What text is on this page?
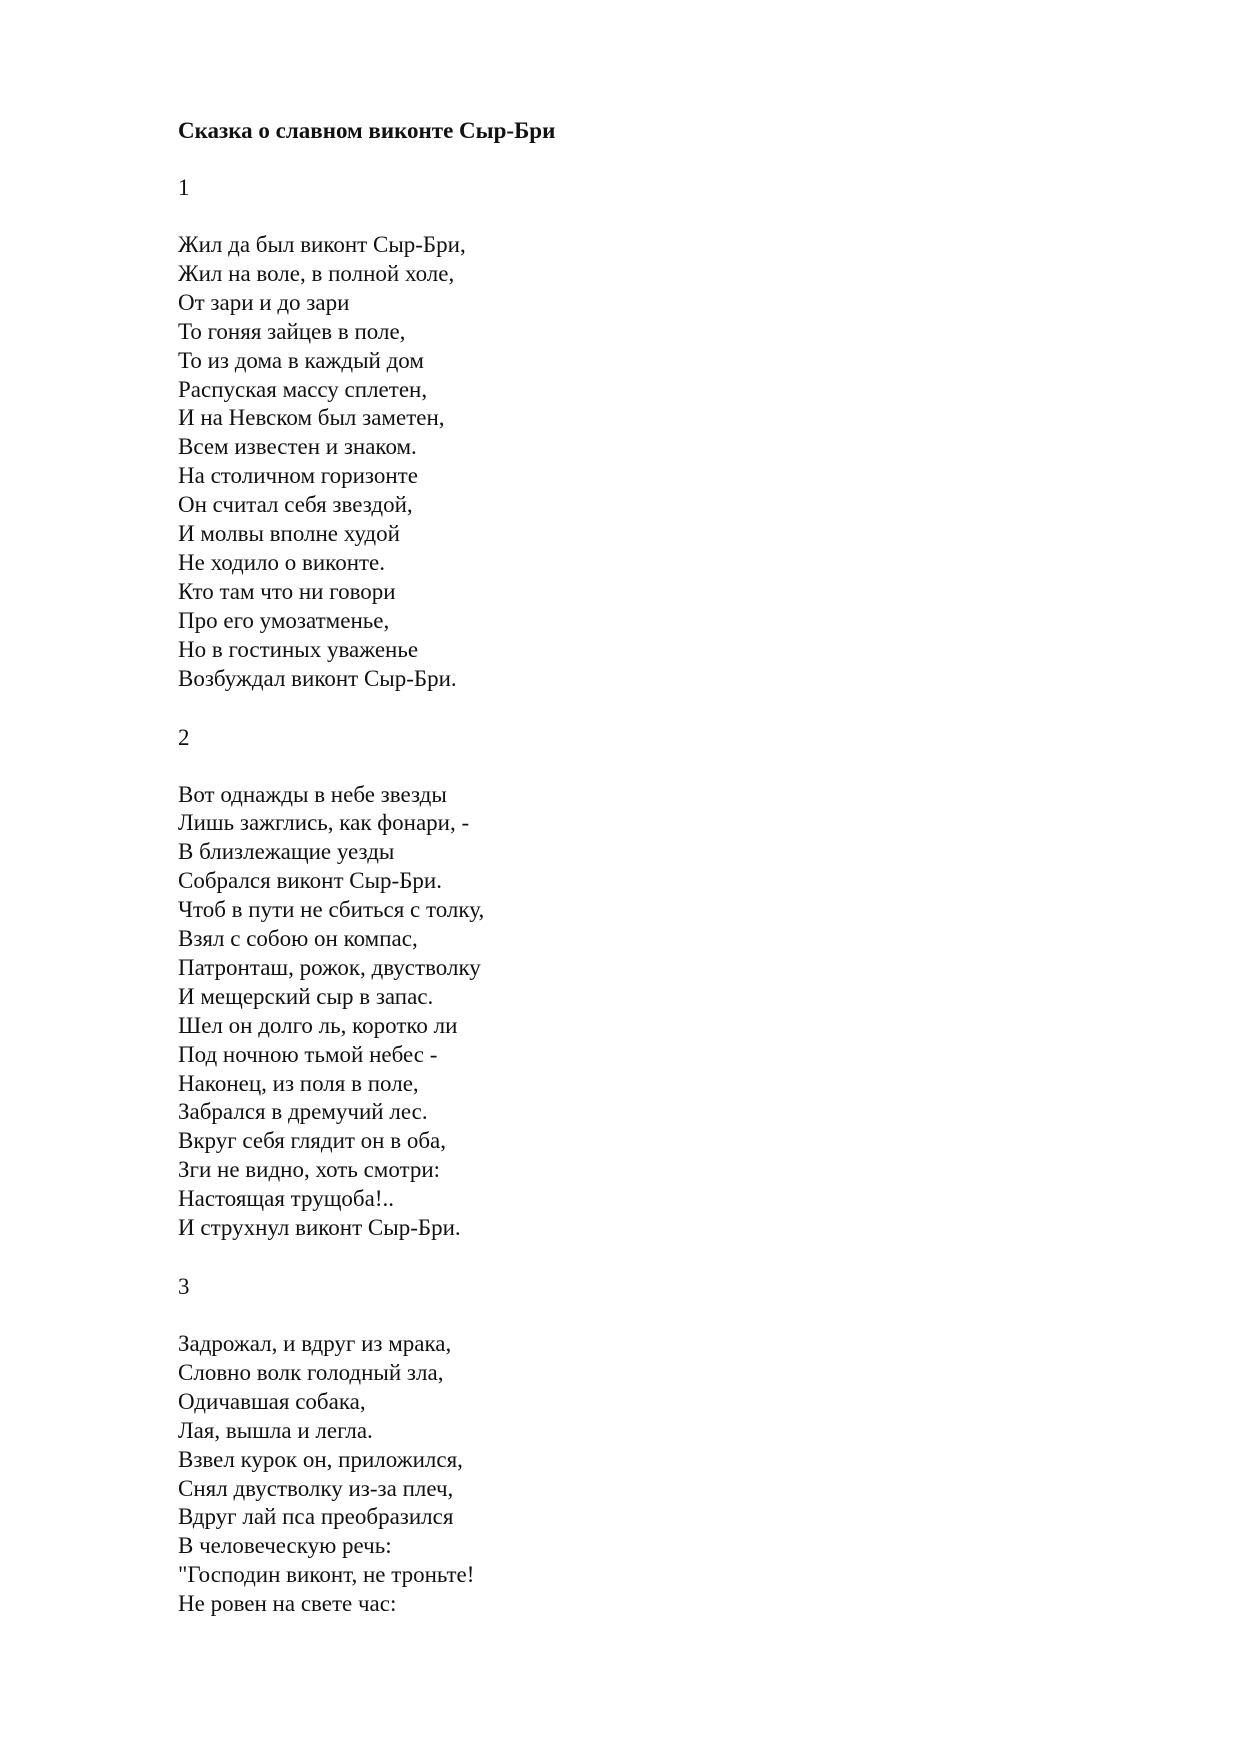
Сказка о славном виконте Сыр-Бри

1

Жил да был виконт Сыр-Бри,
Жил на воле, в полной холе,
От зари и до зари
То гоняя зайцев в поле,
То из дома в каждый дом
Распуская массу сплетен,
И на Невском был заметен,
Всем известен и знаком.
На столичном горизонте
Он считал себя звездой,
И молвы вполне худой
Не ходило о виконте.
Кто там что ни говори
Про его умозатменье,
Но в гостиных уваженье
Возбуждал виконт Сыр-Бри.

2

Вот однажды в небе звезды
Лишь зажглись, как фонари, -
В близлежащие уезды
Собрался виконт Сыр-Бри.
Чтоб в пути не сбиться с толку,
Взял с собою он компас,
Патронташ, рожок, двустволку
И мещерский сыр в запас.
Шел он долго ль, коротко ли
Под ночною тьмой небес -
Наконец, из поля в поле,
Забрался в дремучий лес.
Вкруг себя глядит он в оба,
Зги не видно, хоть смотри:
Настоящая трущоба!..
И струхнул виконт Сыр-Бри.

3

Задрожал, и вдруг из мрака,
Словно волк голодный зла,
Одичавшая собака,
Лая, вышла и легла.
Взвел курок он, приложился,
Снял двустволку из-за плеч,
Вдруг лай пса преобразился
В человеческую речь:
"Господин виконт, не троньте!
Не ровен на свете час:
